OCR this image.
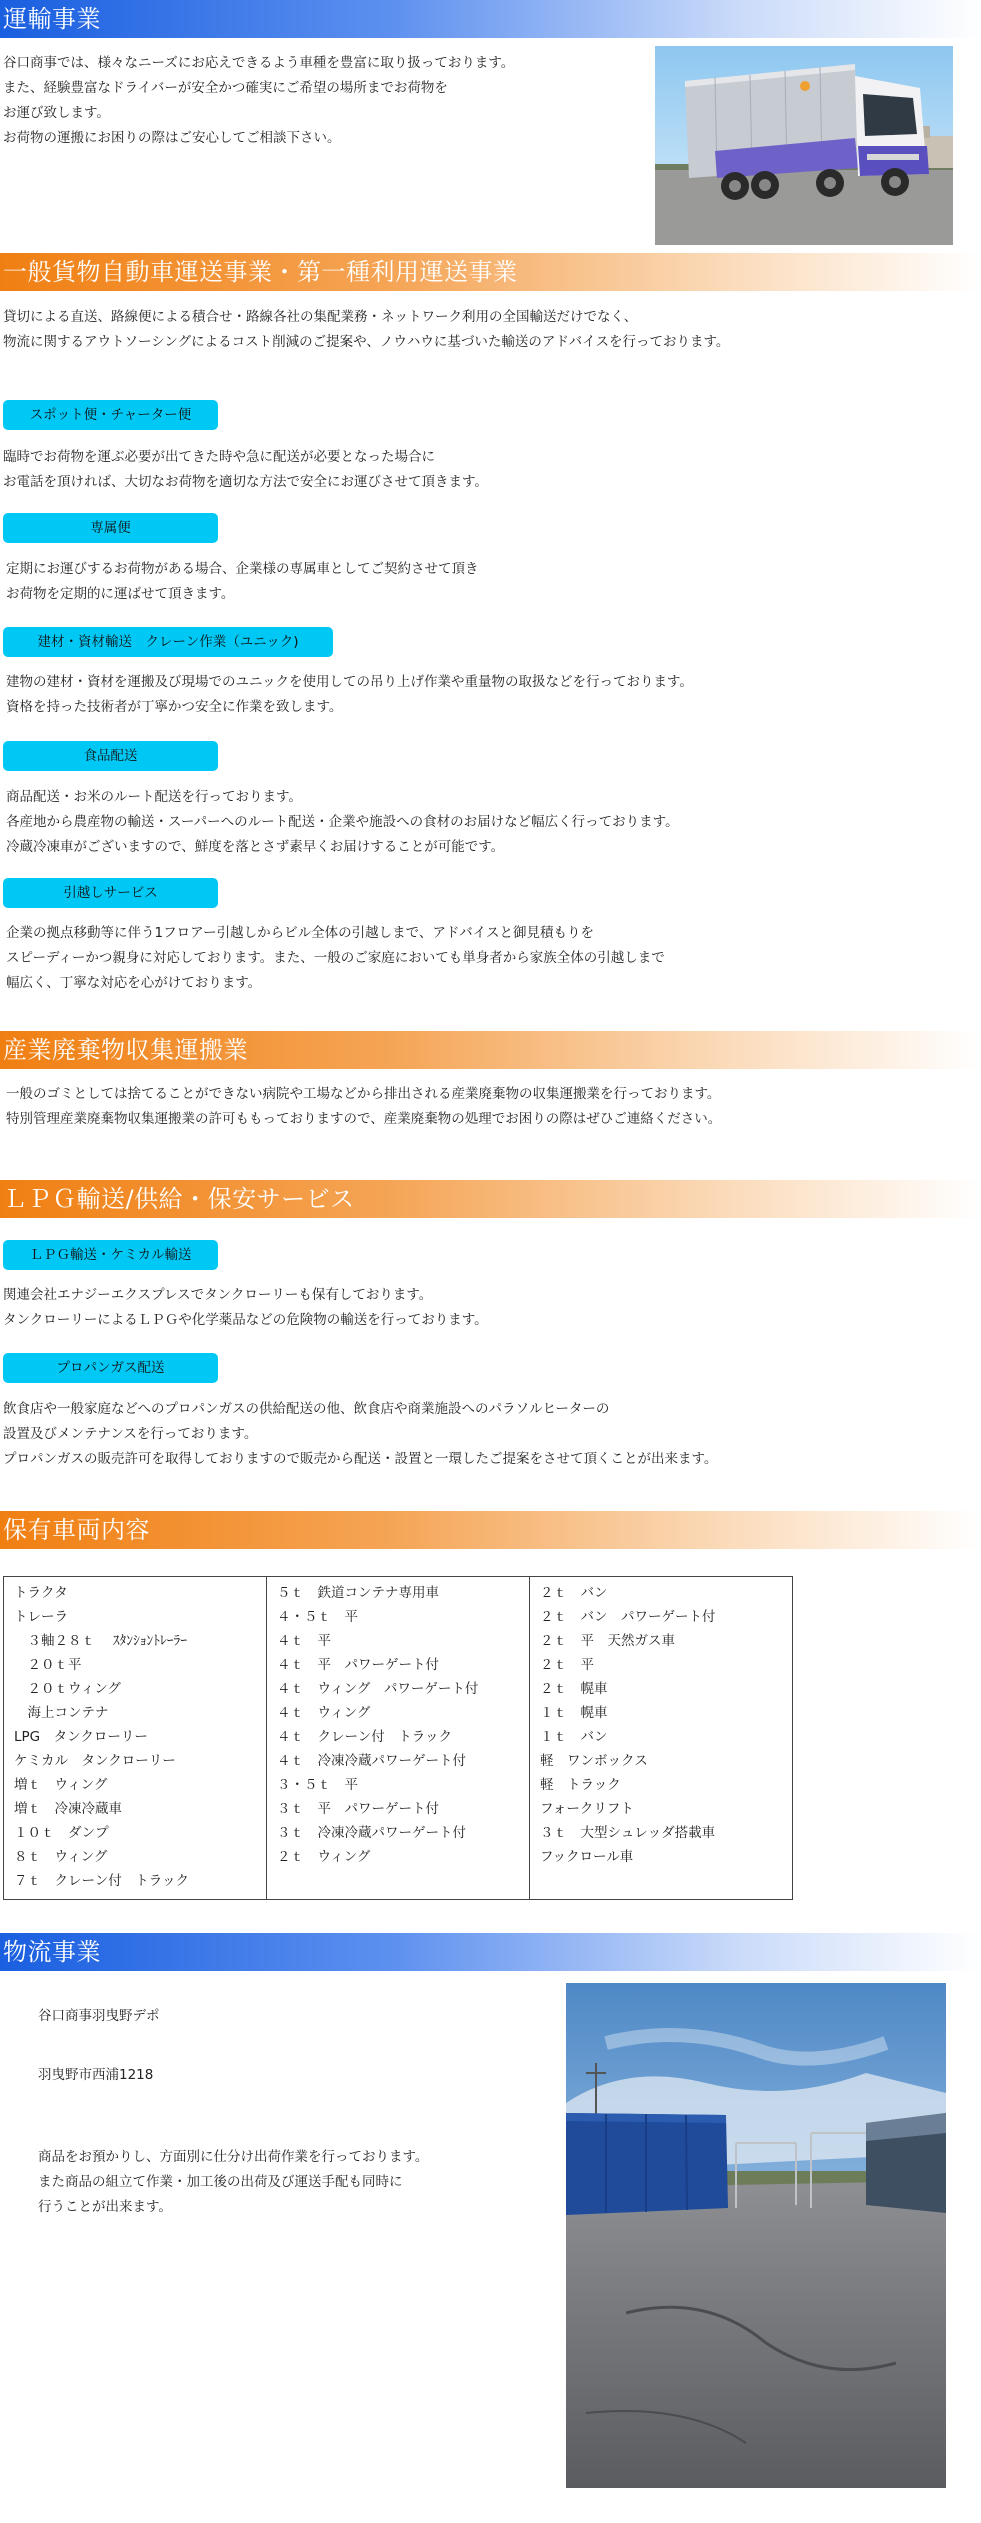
運輸事業
谷口商事では、様々なニーズにお応えできるよう車種を豊富に取り扱っております。
また、経験豊富なドライバーが安全かつ確実にご希望の場所までお荷物を
お運び致します。
お荷物の運搬にお困りの際はご安心してご相談下さい。
一般貨物自動車運送事業・第一種利用運送事業
貸切による直送、路線便による積合せ・路線各社の集配業務・ネットワーク利用の全国輸送だけでなく、
物流に関するアウトソーシングによるコスト削減のご提案や、ノウハウに基づいた輸送のアドバイスを行っております。
スポット便・チャーター便
臨時でお荷物を運ぶ必要が出てきた時や急に配送が必要となった場合に
お電話を頂ければ、大切なお荷物を適切な方法で安全にお運びさせて頂きます。
専属便
定期にお運びするお荷物がある場合、企業様の専属車としてご契約させて頂き
お荷物を定期的に運ばせて頂きます。
建材・資材輸送　クレーン作業（ユニック)
建物の建材・資材を運搬及び現場でのユニックを使用しての吊り上げ作業や重量物の取扱などを行っております。
資格を持った技術者が丁寧かつ安全に作業を致します。
食品配送
商品配送・お米のルート配送を行っております。
各産地から農産物の輸送・スーパーへのルート配送・企業や施設への食材のお届けなど幅広く行っております。
冷蔵冷凍車がございますので、鮮度を落とさず素早くお届けすることが可能です。
引越しサービス
企業の拠点移動等に伴う1フロアー引越しからビル全体の引越しまで、アドバイスと御見積もりを
スピーディーかつ親身に対応しております。また、一般のご家庭においても単身者から家族全体の引越しまで
幅広く、丁寧な対応を心がけております。
産業廃棄物収集運搬業
一般のゴミとしては捨てることができない病院や工場などから排出される産業廃棄物の収集運搬業を行っております。
特別管理産業廃棄物収集運搬業の許可ももっておりますので、産業廃棄物の処理でお困りの際はぜひご連絡ください。
ＬＰＧ輸送/供給・保安サービス
ＬＰＧ輸送・ケミカル輸送
関連会社エナジーエクスプレスでタンクローリーも保有しております。
タンクローリーによるＬＰＧや化学薬品などの危険物の輸送を行っております。
プロパンガス配送
飲食店や一般家庭などへのプロパンガスの供給配送の他、飲食店や商業施設へのパラソルヒーターの
設置及びメンテナンスを行っております。
プロパンガスの販売許可を取得しておりますので販売から配送・設置と一環したご提案をさせて頂くことが出来ます。
保有車両内容
トラクタ
トレーラ
　３軸２８ｔ　 ｽﾀﾝｼｮﾝﾄﾚｰﾗｰ
　２０ｔ平
　２０ｔウィング
　海上コンテナ
LPG　タンクローリー
ケミカル　タンクローリー
増ｔ　ウィング
増ｔ　冷凍冷蔵車
１０ｔ　ダンプ
８ｔ　ウィング
７ｔ　クレーン付　トラック

５ｔ　鉄道コンテナ専用車
４・５ｔ　平
４ｔ　平
４ｔ　平　パワーゲート付
４ｔ　ウィング　パワーゲート付
４ｔ　ウィング
４ｔ　クレーン付　トラック
４ｔ　冷凍冷蔵パワーゲート付
３・５ｔ　平
３ｔ　平　パワーゲート付
３ｔ　冷凍冷蔵パワーゲート付
２ｔ　ウィング

２ｔ　バン
２ｔ　バン　パワーゲート付
２ｔ　平　天然ガス車
２ｔ　平
２ｔ　幌車
１ｔ　幌車
１ｔ　バン
軽　ワンボックス
軽　トラック
フォークリフト
３ｔ　大型シュレッダ搭載車
フックロール車
物流事業
谷口商事羽曳野デポ
羽曳野市西浦1218
商品をお預かりし、方面別に仕分け出荷作業を行っております。
また商品の組立て作業・加工後の出荷及び運送手配も同時に
行うことが出来ます。
